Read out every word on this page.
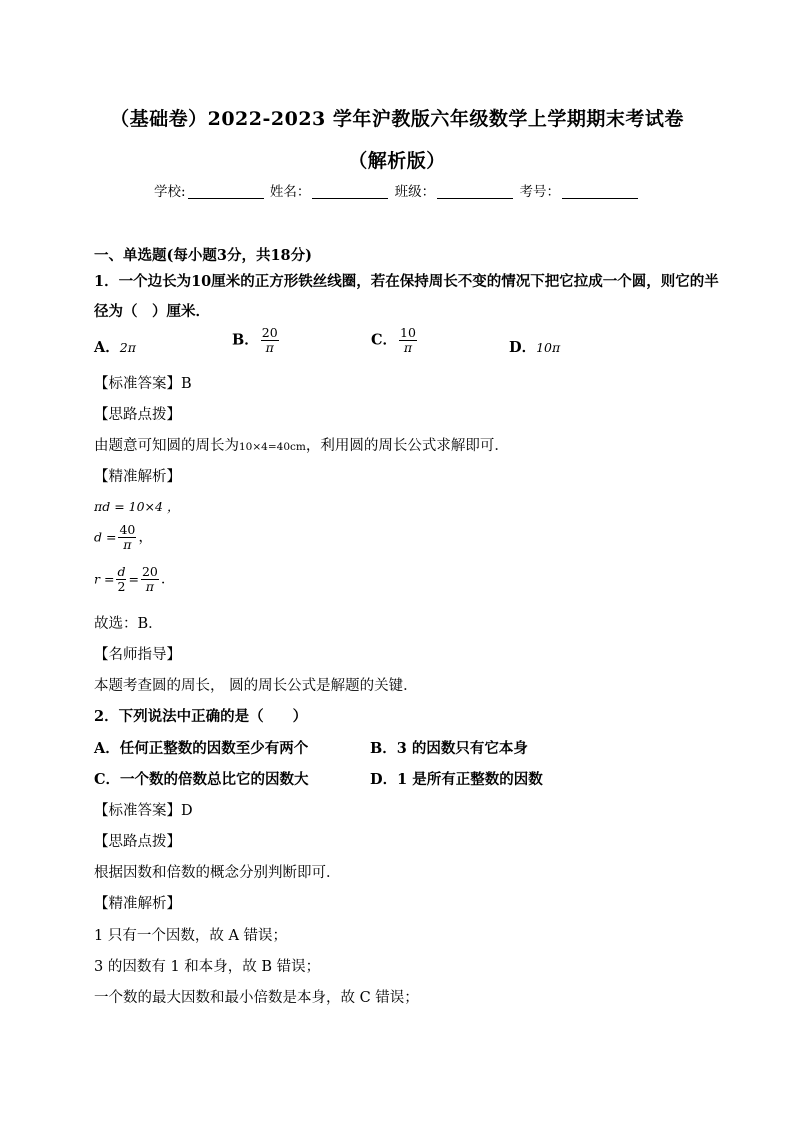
（基础卷）2022-2023 学年沪教版六年级数学上学期期末考试卷
（解析版）
学校:	姓名：	班级：	考号：
一、单选题(每小题3分，共18分)
1．一个边长为10厘米的正方形铁丝线圈，若在保持周长不变的情况下把它拉成一个圆，则它的半
径为（　）厘米．
A．2π	B． $\frac{20}{\pi}$	C． $\frac{10}{\pi}$	D．10π
【标准答案】B
【思路点拨】
由题意可知圆的周长为10×4=40cm，利用圆的周长公式求解即可．
【精准解析】
πd = 10×4 ，
$d = \frac{40}{\pi}$ ，
$r = \frac{d}{2} = \frac{20}{\pi}$ ．
故选：B．
【名师指导】
本题考查圆的周长， 圆的周长公式是解题的关键．
2．下列说法中正确的是（　　）
A．任何正整数的因数至少有两个	B．3 的因数只有它本身
C．一个数的倍数总比它的因数大	D．1 是所有正整数的因数
【标准答案】D
【思路点拨】
根据因数和倍数的概念分别判断即可．
【精准解析】
1 只有一个因数，故 A 错误；
3 的因数有 1 和本身，故 B 错误；
一个数的最大因数和最小倍数是本身，故 C 错误；
